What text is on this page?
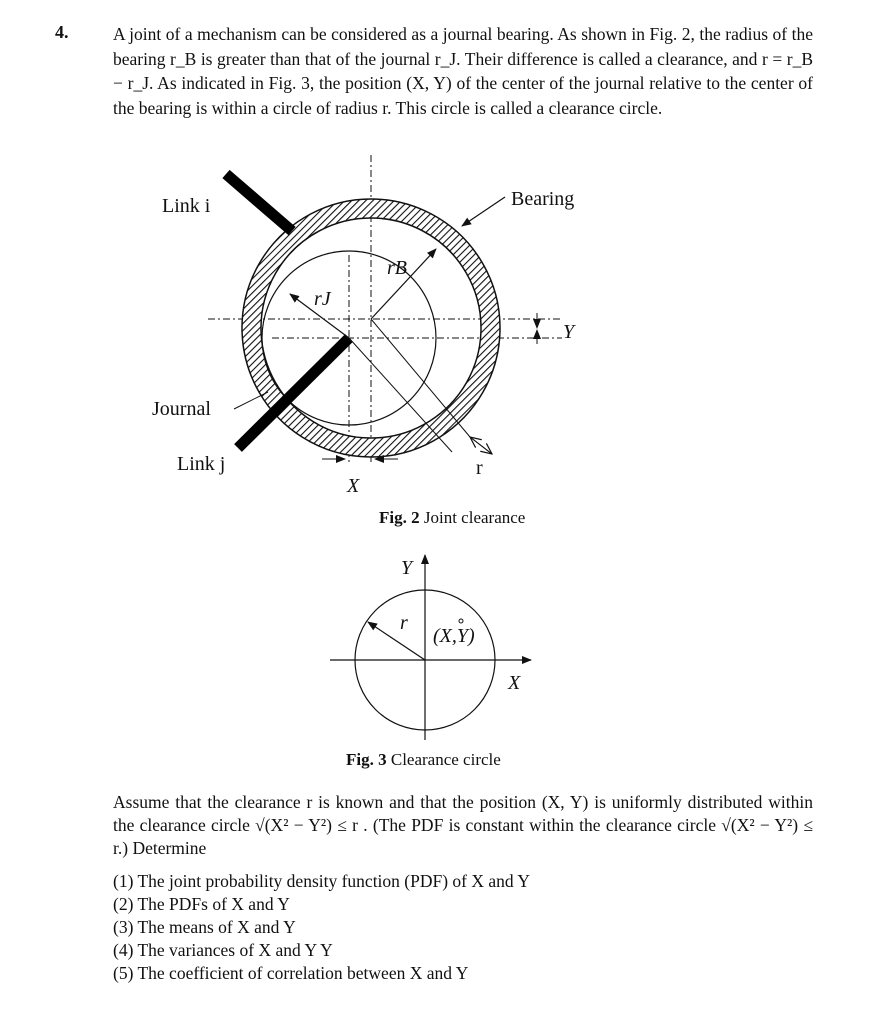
4.	A joint of a mechanism can be considered as a journal bearing. As shown in Fig. 2, the radius of the bearing r_B is greater than that of the journal r_J. Their difference is called a clearance, and r = r_B − r_J. As indicated in Fig. 3, the position (X, Y) of the center of the journal relative to the center of the bearing is within a circle of radius r. This circle is called a clearance circle.
Link i	Bearing
Journal
Link j
rB
rJ
Y
X
r
Fig. 2 Joint clearance
Y
X
r
(X,Y)
Fig. 3 Clearance circle
Assume that the clearance r is known and that the position (X, Y) is uniformly distributed within the clearance circle √(X² − Y²) ≤ r . (The PDF is constant within the clearance circle √(X² − Y²) ≤ r.) Determine
(1) The joint probability density function (PDF) of X and Y
(2) The PDFs of X and Y
(3) The means of X and Y
(4) The variances of X and Y Y
(5) The coefficient of correlation between X and Y
